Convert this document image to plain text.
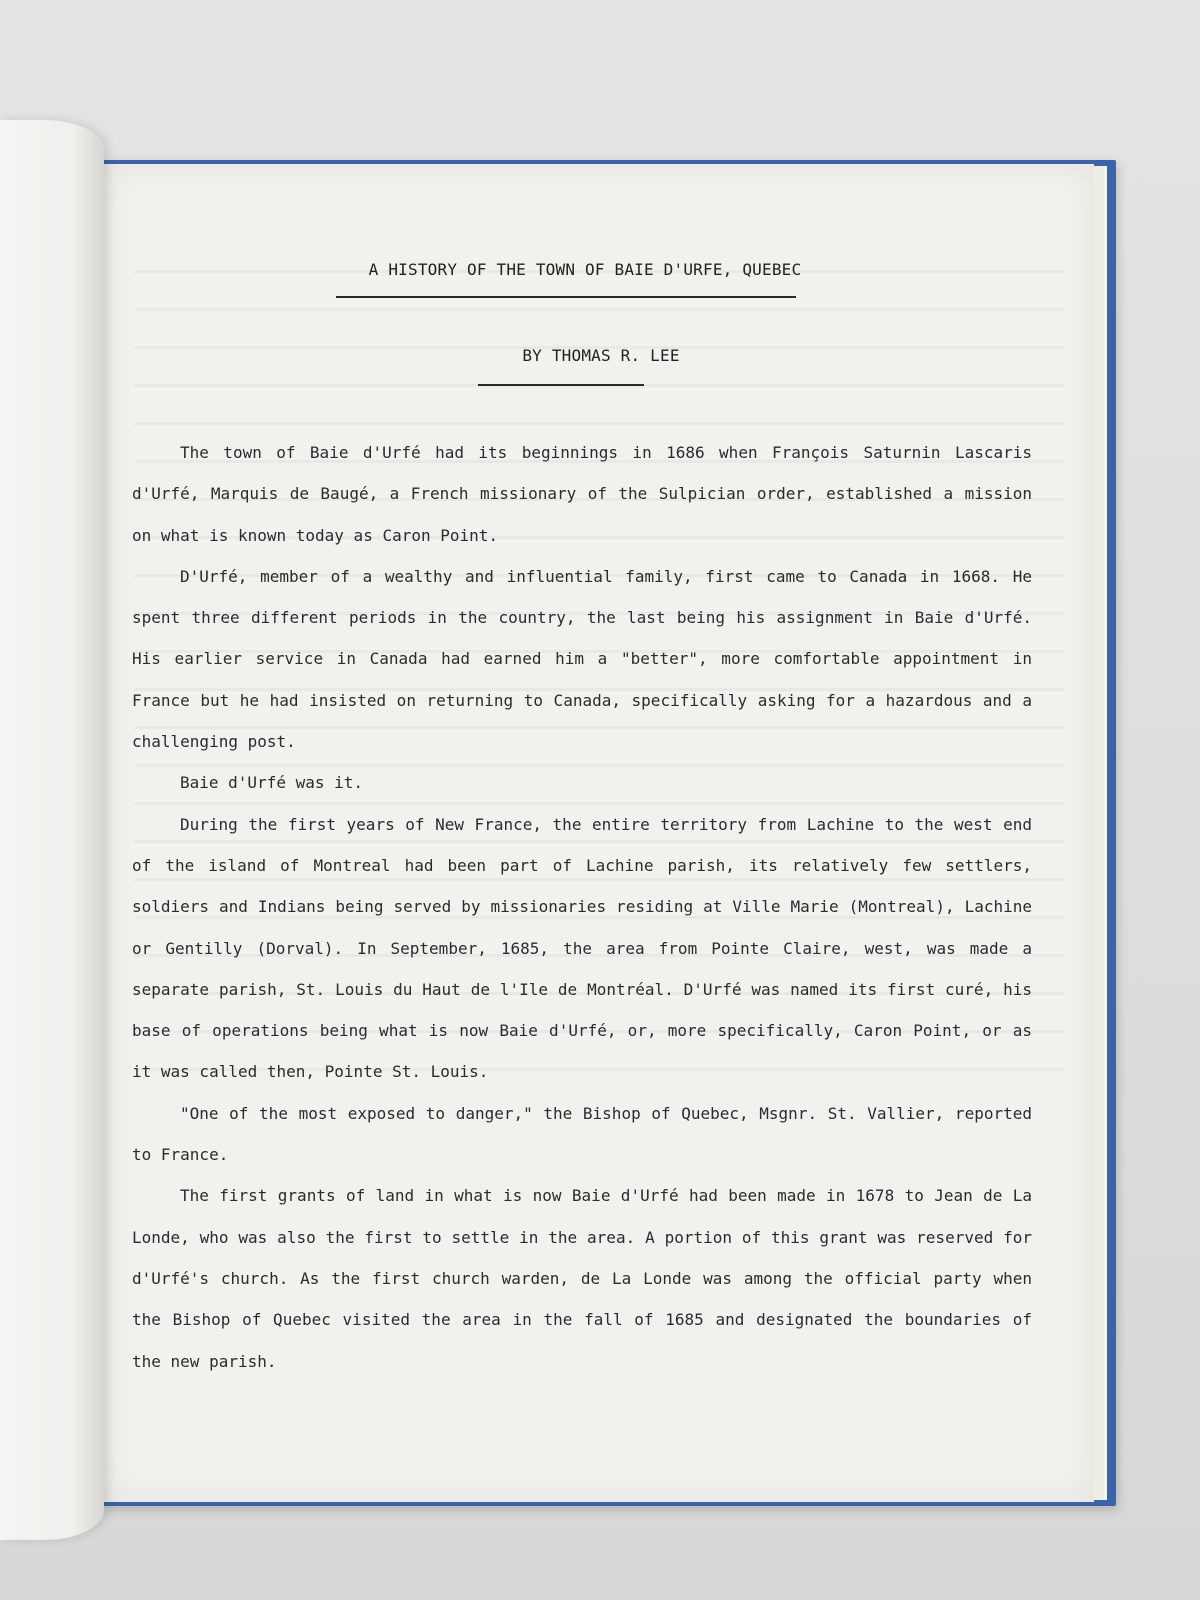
A HISTORY OF THE TOWN OF BAIE D'URFE, QUEBEC
BY THOMAS R. LEE

The town of Baie d'Urfé had its beginnings in 1686 when François Saturnin Lascaris d'Urfé, Marquis de Baugé, a French missionary of the Sulpician order, established a mission on what is known today as Caron Point.

D'Urfé, member of a wealthy and influential family, first came to Canada in 1668. He spent three different periods in the country, the last being his assignment in Baie d'Urfé. His earlier service in Canada had earned him a "better", more comfortable appointment in France but he had insisted on returning to Canada, specifically asking for a hazardous and a challenging post.

Baie d'Urfé was it.

During the first years of New France, the entire territory from Lachine to the west end of the island of Montreal had been part of Lachine parish, its relatively few settlers, soldiers and Indians being served by missionaries residing at Ville Marie (Montreal), Lachine or Gentilly (Dorval). In September, 1685, the area from Pointe Claire, west, was made a separate parish, St. Louis du Haut de l'Ile de Montréal. D'Urfé was named its first curé, his base of operations being what is now Baie d'Urfé, or, more specifically, Caron Point, or as it was called then, Pointe St. Louis.

"One of the most exposed to danger," the Bishop of Quebec, Msgnr. St. Vallier, reported to France.

The first grants of land in what is now Baie d'Urfé had been made in 1678 to Jean de La Londe, who was also the first to settle in the area. A portion of this grant was reserved for d'Urfé's church. As the first church warden, de La Londe was among the official party when the Bishop of Quebec visited the area in the fall of 1685 and designated the boundaries of the new parish.
